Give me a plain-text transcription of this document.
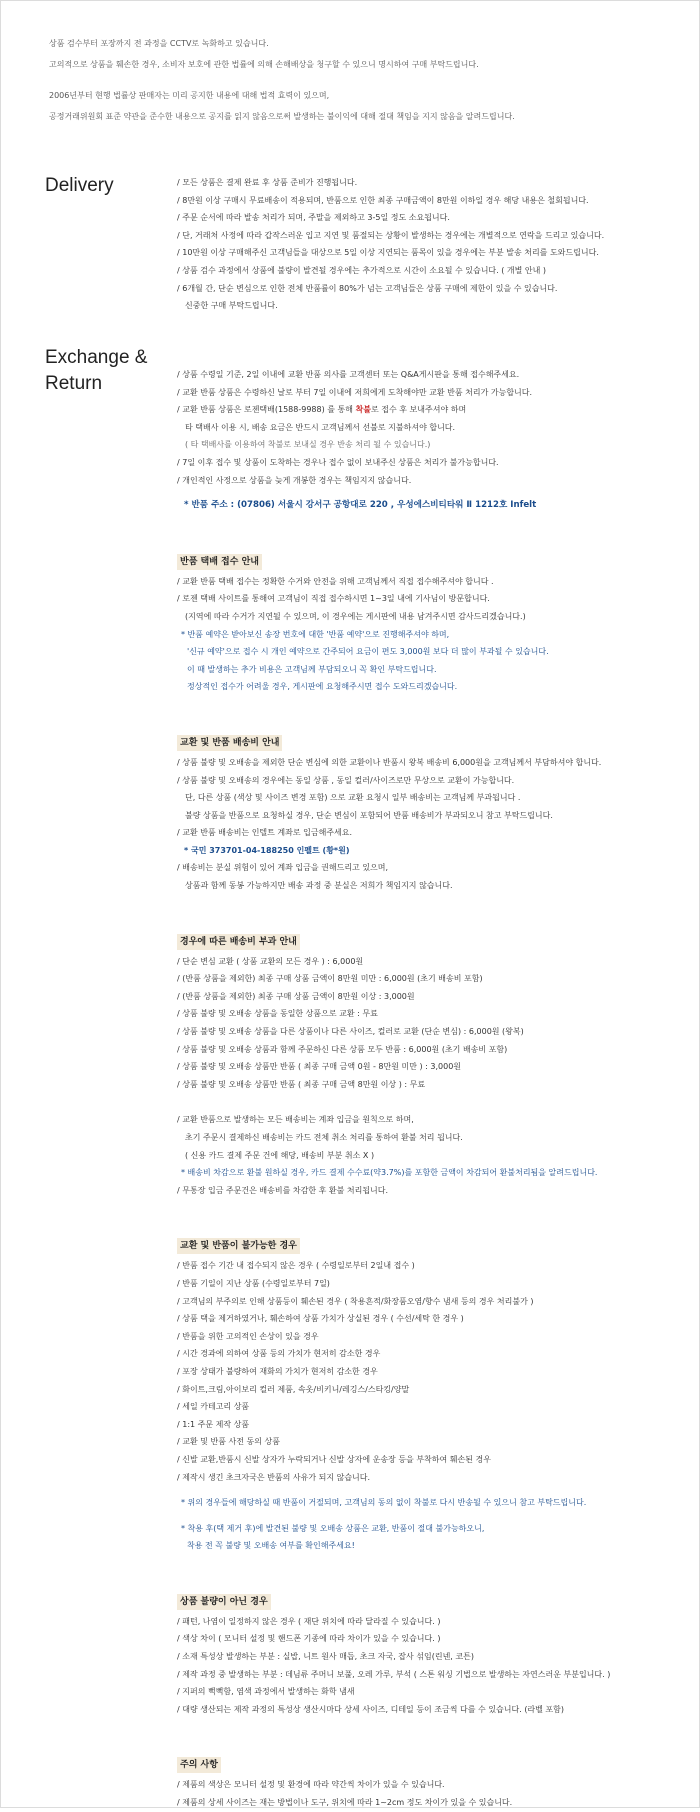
상품 검수부터 포장까지 전 과정을 CCTV로 녹화하고 있습니다.

고의적으로 상품을 훼손한 경우, 소비자 보호에 관한 법률에 의해 손해배상을 청구할 수 있으니 명시하여 구매 부탁드립니다.

2006년부터 현행 법률상 판매자는 미리 공지한 내용에 대해 법적 효력이 있으며,

공정거래위원회 표준 약관을 준수한 내용으로 공지를 읽지 않음으로써 발생하는 불이익에 대해 절대 책임을 지지 않음을 알려드립니다.

Delivery	/ 모든 상품은 결제 완료 후 상품 준비가 진행됩니다.
/ 8만원 이상 구매시 무료배송이 적용되며, 반품으로 인한 최종 구매금액이 8만원 이하일 경우 해당 내용은 철회됩니다.
/ 주문 순서에 따라 발송 처리가 되며, 주말을 제외하고 3-5일 정도 소요됩니다.
/ 단, 거래처 사정에 따라 갑작스러운 입고 지연 및 품절되는 상황이 발생하는 경우에는 개별적으로 연락을 드리고 있습니다.
/ 10만원 이상 구매해주신 고객님들을 대상으로 5일 이상 지연되는 품목이 있을 경우에는 부분 발송 처리를 도와드립니다.
/ 상품 검수 과정에서 상품에 불량이 발견될 경우에는 추가적으로 시간이 소요될 수 있습니다. ( 개별 안내 )
/ 6개월 간, 단순 변심으로 인한 전체 반품률이 80%가 넘는 고객님들은 상품 구매에 제한이 있을 수 있습니다.
신중한 구매 부탁드립니다.
Exchange &
Return	/ 상품 수령일 기준, 2일 이내에 교환 반품 의사를 고객센터 또는 Q&A게시판을 통해 접수해주세요.
/ 교환 반품 상품은 수령하신 날로 부터 7일 이내에 저희에게 도착해야만 교환 반품 처리가 가능합니다.
/ 교환 반품 상품은 로젠택배(1588-9988) 를 통해 착불로 접수 후 보내주셔야 하며
타 택배사 이용 시, 배송 요금은 반드시 고객님께서 선불로 지불하셔야 합니다.
( 타 택배사를 이용하여 착불로 보내실 경우 반송 처리 될 수 있습니다.)
/ 7일 이후 접수 및 상품이 도착하는 경우나 접수 없이 보내주신 상품은 처리가 불가능합니다.
/ 개인적인 사정으로 상품을 늦게 개봉한 경우는 책임지지 않습니다.
* 반품 주소 : (07806) 서울시 강서구 공항대로 220 , 우성에스비티타워 Ⅱ 1212호 Infelt
반품 택배 접수 안내
/ 교환 반품 택배 접수는 정확한 수거와 안전을 위해 고객님께서 직접 접수해주셔야 합니다 .
/ 로젠 택배 사이트를 통해여 고객님이 직접 접수하시면 1~3일 내에 기사님이 방문합니다.
(지역에 따라 수거가 지연될 수 있으며, 이 경우에는 게시판에 내용 남겨주시면 감사드리겠습니다.)
* 반품 예약은 받아보신 송장 번호에 대한 '반품 예약'으로 진행해주셔야 하며,
'신규 예약'으로 접수 시 개인 예약으로 간주되어 요금이 편도 3,000원 보다 더 많이 부과될 수 있습니다.
이 때 발생하는 추가 비용은 고객님께 부담되오니 꼭 확인 부탁드립니다.
정상적인 접수가 어려울 경우, 게시판에 요청해주시면 접수 도와드리겠습니다.
교환 및 반품 배송비 안내
/ 상품 불량 및 오배송을 제외한 단순 변심에 의한 교환이나 반품시 왕복 배송비 6,000원을 고객님께서 부담하셔야 합니다.
/ 상품 불량 및 오배송의 경우에는 동일 상품 , 동일 컬러/사이즈로만 무상으로 교환이 가능합니다.
단, 다른 상품 (색상 및 사이즈 변경 포함) 으로 교환 요청시 일부 배송비는 고객님께 부과됩니다 .
불량 상품을 반품으로 요청하실 경우, 단순 변심이 포함되어 반품 배송비가 부과되오니 참고 부탁드립니다.
/ 교환 반품 배송비는 인텔트 계좌로 입금해주세요.
* 국민 373701-04-188250 인펠트 (황*원)
/ 배송비는 분실 위험이 있어 계좌 입금을 권해드리고 있으며,
상품과 함께 동봉 가능하지만 배송 과정 중 분실은 저희가 책임지지 않습니다.
경우에 따른 배송비 부과 안내
/ 단순 변심 교환 ( 상품 교환의 모든 경우 ) : 6,000원
/ (반품 상품을 제외한) 최종 구매 상품 금액이 8만원 미만 : 6,000원 (초기 배송비 포함)
/ (반품 상품을 제외한) 최종 구매 상품 금액이 8만원 이상 : 3,000원
/ 상품 불량 및 오배송 상품을 동일한 상품으로 교환 : 무료
/ 상품 불량 및 오배송 상품을 다른 상품이나 다른 사이즈, 컬러로 교환 (단순 변심) : 6,000원 (왕복)
/ 상품 불량 및 오배송 상품과 함께 주문하신 다른 상품 모두 반품 : 6,000원 (초기 배송비 포함)
/ 상품 불량 및 오배송 상품만 반품 ( 최종 구매 금액 0원 - 8만원 미만 ) : 3,000원
/ 상품 불량 및 오배송 상품만 반품 ( 최종 구매 금액 8만원 이상 ) : 무료
/ 교환 반품으로 발생하는 모든 배송비는 계좌 입금을 원칙으로 하며,
초기 주문시 결제하신 배송비는 카드 전체 취소 처리를 통하여 환불 처리 됩니다.
( 신용 카드 결제 주문 건에 해당, 배송비 부분 취소 X )
* 배송비 차감으로 환불 원하실 경우, 카드 결제 수수료(약3.7%)를 포함한 금액이 차감되어 환불처리됨을 알려드립니다.
/ 무통장 입금 주문건은 배송비를 차감한 후 환불 처리됩니다.
교환 및 반품이 불가능한 경우
/ 반품 접수 기간 내 접수되지 않은 경우 ( 수령일로부터 2일내 접수 )
/ 반품 기일이 지난 상품 (수령일로부터 7일)
/ 고객님의 부주의로 인해 상품등이 훼손된 경우 ( 착용흔적/화장품오염/향수 냄새 등의 경우 처리불가 )
/ 상품 택을 제거하였거나, 훼손하여 상품 가치가 상실된 경우 ( 수선/세탁 한 경우 )
/ 반품을 위한 고의적인 손상이 있을 경우
/ 시간 경과에 의하여 상품 등의 가치가 현저히 감소한 경우
/ 포장 상태가 불량하여 재화의 가치가 현저히 감소한 경우
/ 화이트,크림,아이보리 컬러 제품, 속옷/비키니/레깅스/스타킹/양말
/ 세일 카테고리 상품
/ 1:1 주문 제작 상품
/ 교환 및 반품 사전 동의 상품
/ 신발 교환,반품시 신발 상자가 누락되거나 신발 상자에 운송장 등을 부착하여 훼손된 경우
/ 제작시 생긴 초크자국은 반품의 사유가 되지 않습니다.
* 위의 경우들에 해당하실 때 반품이 거절되며, 고객님의 동의 없이 착불로 다시 반송될 수 있으니 참고 부탁드립니다.
* 착용 후(택 제거 후)에 발견된 불량 및 오배송 상품은 교환, 반품이 절대 불가능하오니,
착용 전 꼭 불량 및 오배송 여부를 확인해주세요!
상품 불량이 아닌 경우
/ 패턴, 나염이 일정하지 않은 경우 ( 재단 위치에 따라 달라질 수 있습니다. )
/ 색상 차이 ( 모니터 설정 및 핸드폰 기종에 따라 차이가 있을 수 있습니다. )
/ 소재 특성상 발생하는 부분 : 실밥, 니트 원사 매듭, 초크 자국, 잡사 섞임(린넨, 코튼)
/ 제작 과정 중 발생하는 부분 : 데님류 주머니 보풀, 오레 가루, 부석 ( 스톤 워싱 기법으로 발생하는 자연스러운 부분입니다. )
/ 지퍼의 뻑뻑함, 염색 과정에서 발생하는 화학 냄새
/ 대량 생산되는 제작 과정의 특성상 생산시마다 상세 사이즈, 디테일 등이 조금씩 다를 수 있습니다. (라벨 포함)
주의 사항
/ 제품의 색상은 모니터 설정 및 환경에 따라 약간씩 차이가 있을 수 있습니다.
/ 제품의 상세 사이즈는 재는 방법이나 도구, 위치에 따라 1~2cm 정도 차이가 있을 수 있습니다.
